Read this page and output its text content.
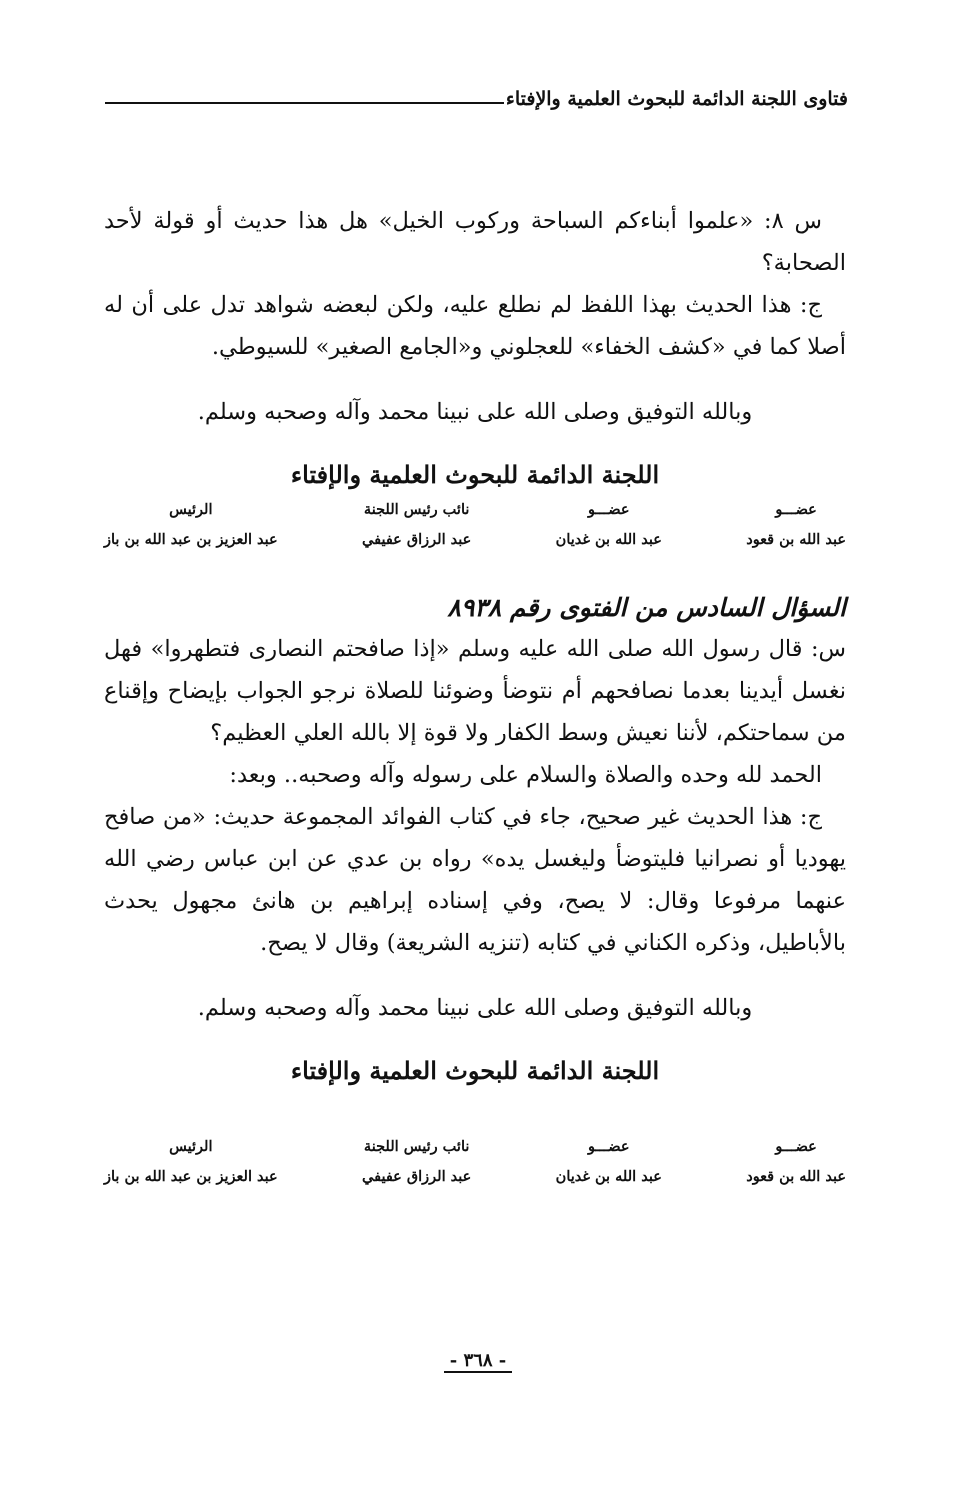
فتاوى اللجنة الدائمة للبحوث العلمية والإفتاء

س ٨: «علموا أبناءكم السباحة وركوب الخيل» هل هذا حديث أو قولة لأحد الصحابة؟

ج: هذا الحديث بهذا اللفظ لم نطلع عليه، ولكن لبعضه شواهد تدل على أن له أصلا كما في «كشف الخفاء» للعجلوني و«الجامع الصغير» للسيوطي.

وبالله التوفيق وصلى الله على نبينا محمد وآله وصحبه وسلم.

اللجنة الدائمة للبحوث العلمية والإفتاء

عضـــو
عبد الله بن قعود
عضـــو
عبد الله بن غديان
نائب رئيس اللجنة
عبد الرزاق عفيفي
الرئيس
عبد العزيز بن عبد الله بن باز

السؤال السادس من الفتوى رقم ٨٩٣٨

س: قال رسول الله صلى الله عليه وسلم «إذا صافحتم النصارى فتطهروا» فهل نغسل أيدينا بعدما نصافحهم أم نتوضأ وضوئنا للصلاة نرجو الجواب بإيضاح وإقناع من سماحتكم، لأننا نعيش وسط الكفار ولا قوة إلا بالله العلي العظيم؟

الحمد لله وحده والصلاة والسلام على رسوله وآله وصحبه.. وبعد:

ج: هذا الحديث غير صحيح، جاء في كتاب الفوائد المجموعة حديث: «من صافح يهوديا أو نصرانيا فليتوضأ وليغسل يده» رواه بن عدي عن ابن عباس رضي الله عنهما مرفوعا وقال: لا يصح، وفي إسناده إبراهيم بن هانئ مجهول يحدث بالأباطيل، وذكره الكناني في كتابه (تنزيه الشريعة) وقال لا يصح.

وبالله التوفيق وصلى الله على نبينا محمد وآله وصحبه وسلم.

اللجنة الدائمة للبحوث العلمية والإفتاء

عضـــو
عبد الله بن قعود
عضـــو
عبد الله بن غديان
نائب رئيس اللجنة
عبد الرزاق عفيفي
الرئيس
عبد العزيز بن عبد الله بن باز
- ٣٦٨ -
